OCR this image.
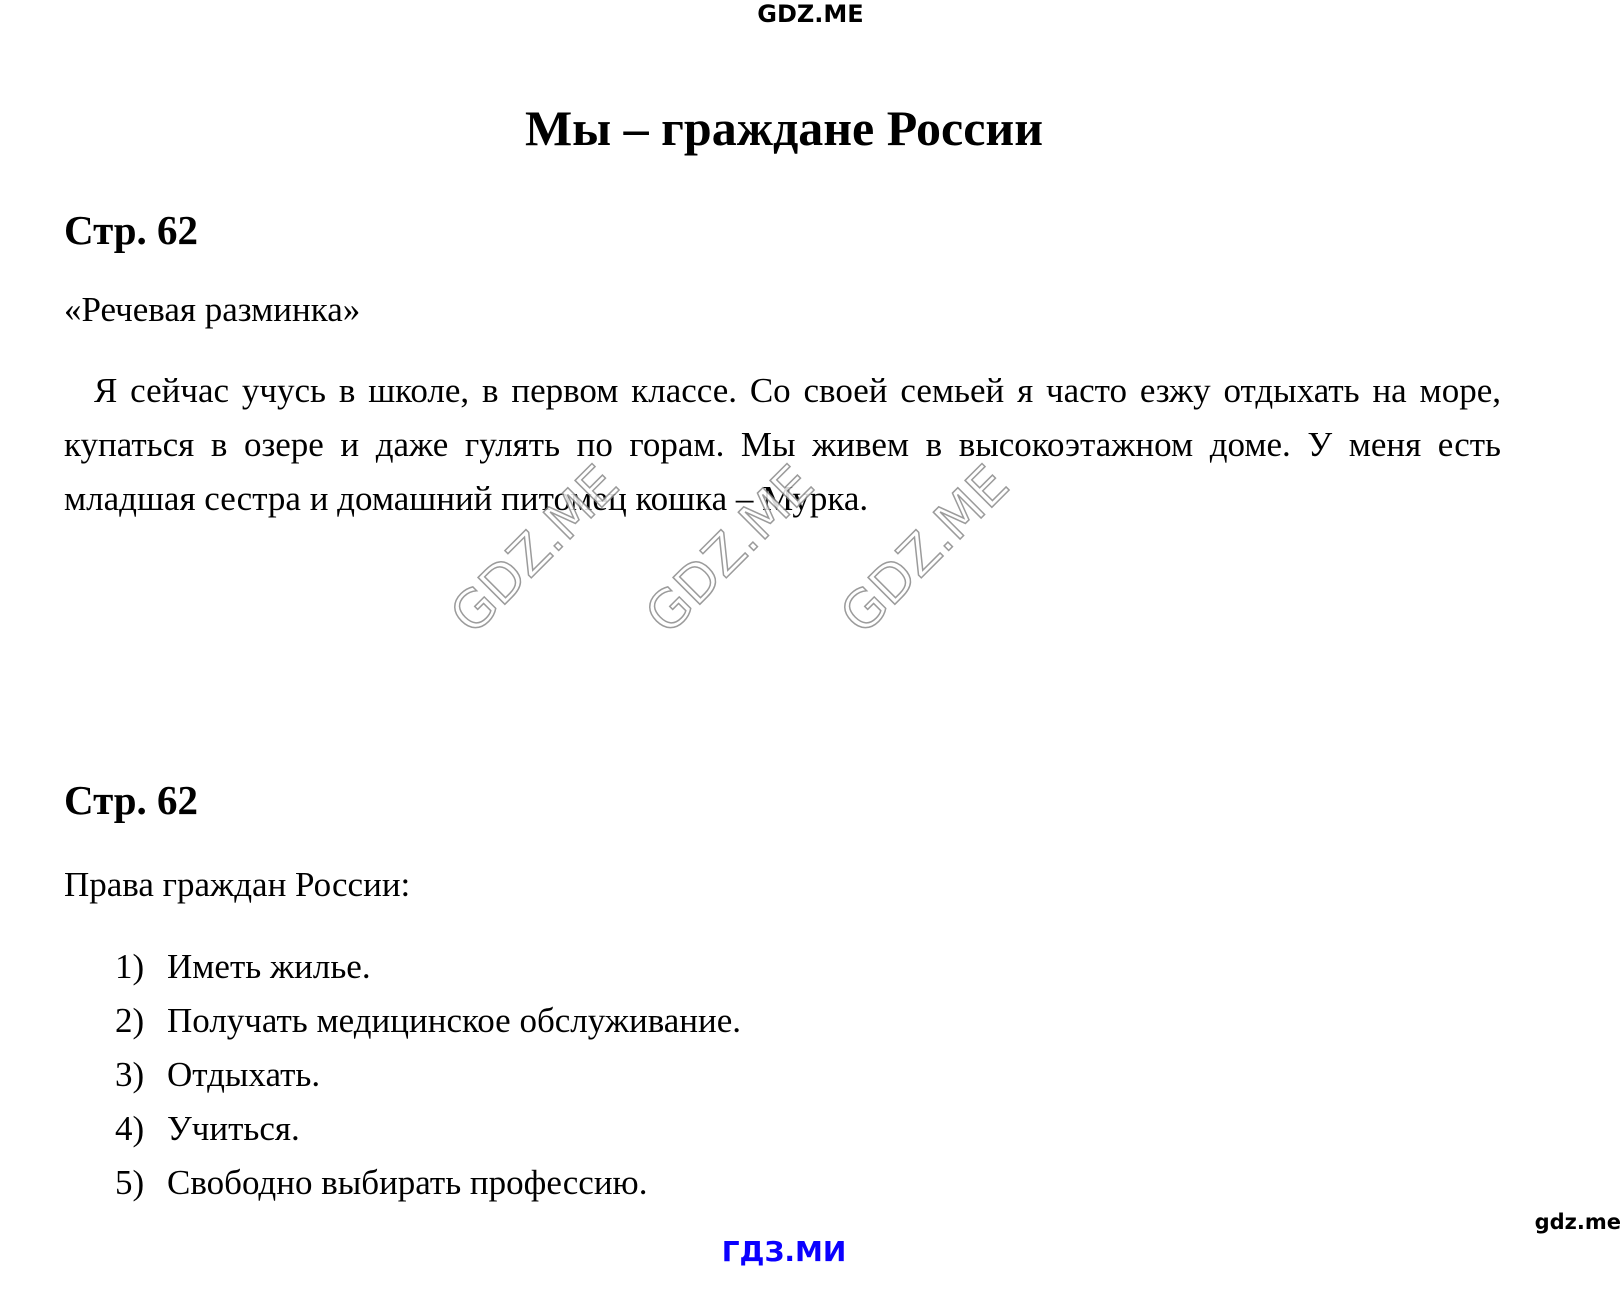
GDZ.ME
Мы – граждане России
Стр. 62

«Речевая разминка»

Я сейчас учусь в школе, в первом классе. Со своей семьей я часто езжу отдыхать на море, купаться в озере и даже гулять по горам. Мы живем в высокоэтажном доме. У меня есть младшая сестра и домашний питомец кошка – Мурка.

GDZ.ME GDZ.ME GDZ.ME
Стр. 62

Права граждан России:

1) Иметь жилье.
2) Получать медицинское обслуживание.
3) Отдыхать.
4) Учиться.
5) Свободно выбирать профессию.
gdz.me
ГДЗ.МИ
